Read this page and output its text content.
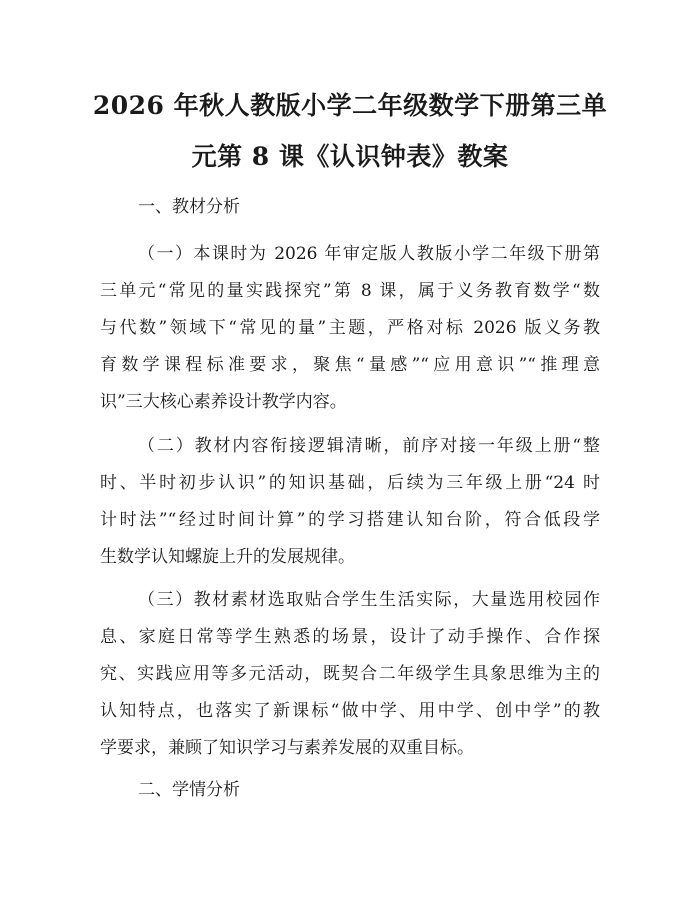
2026 年秋人教版小学二年级数学下册第三单
元第 8 课《认识钟表》教案
一、教材分析
（一）本课时为 2026 年审定版人教版小学二年级下册第
三单元“常见的量实践探究”第 8 课，属于义务教育数学“数
与代数”领域下“常见的量”主题，严格对标 2026 版义务教
育数学课程标准要求，聚焦“量感”“应用意识”“推理意
识”三大核心素养设计教学内容。
（二）教材内容衔接逻辑清晰，前序对接一年级上册“整
时、半时初步认识”的知识基础，后续为三年级上册“24 时
计时法”“经过时间计算”的学习搭建认知台阶，符合低段学
生数学认知螺旋上升的发展规律。
（三）教材素材选取贴合学生生活实际，大量选用校园作
息、家庭日常等学生熟悉的场景，设计了动手操作、合作探
究、实践应用等多元活动，既契合二年级学生具象思维为主的
认知特点，也落实了新课标“做中学、用中学、创中学”的教
学要求，兼顾了知识学习与素养发展的双重目标。
二、学情分析
